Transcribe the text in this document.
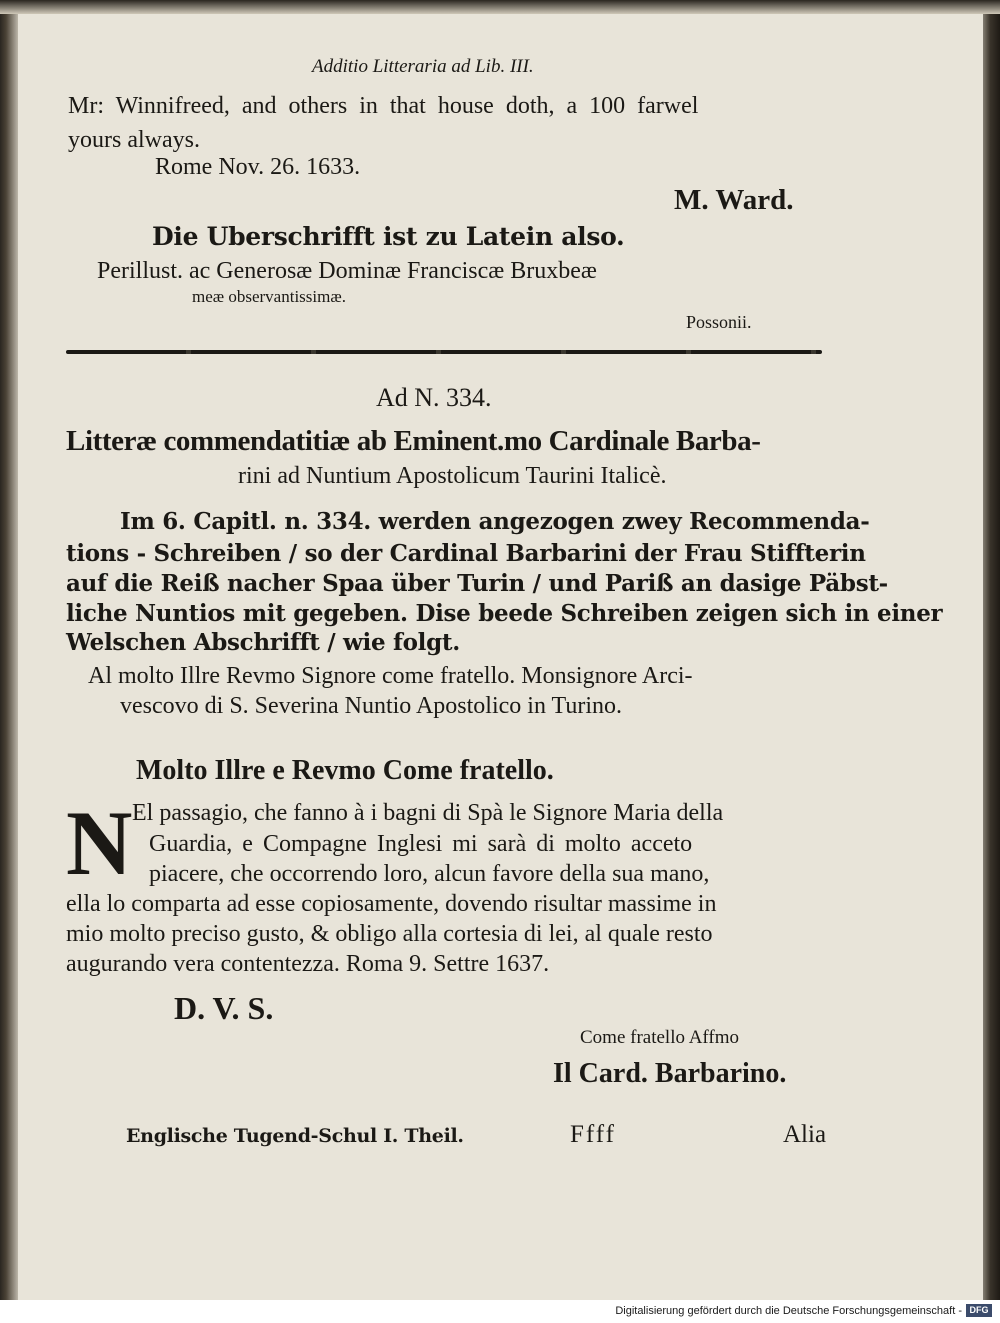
Additio Litteraria ad Lib. III.
Mr: Winnifreed, and others in that house doth, a 100 farwel
yours always.
Rome Nov. 26. 1633.
M. Ward.
Die Uberschrifft ist zu Latein also.
Perillust. ac Generosæ Dominæ Franciscæ Bruxbeæ
meæ observantissimæ.
Possonii.
Ad N. 334.
Litteræ commendatitiæ ab Eminent.mo Cardinale Barba-
rini ad Nuntium Apostolicum Taurini Italicè.
Im 6. Capitl. n. 334. werden angezogen zwey Recommenda-
tions - Schreiben / so der Cardinal Barbarini der Frau Stiffterin
auf die Reiß nacher Spaa über Turin / und Pariß an dasige Päbst-
liche Nuntios mit gegeben. Dise beede Schreiben zeigen sich in einer
Welschen Abschrifft / wie folgt.
Al molto Illre Revmo Signore come fratello. Monsignore Arci-
vescovo di S. Severina Nuntio Apostolico in Turino.
Molto Illre e Revmo Come fratello.
N El passagio, che fanno à i bagni di Spà le Signore Maria della
Guardia, e Compagne Inglesi mi sarà di molto acceto
piacere, che occorrendo loro, alcun favore della sua mano,
ella lo comparta ad esse copiosamente, dovendo risultar massime in
mio molto preciso gusto, & obligo alla cortesia di lei, al quale resto
augurando vera contentezza. Roma 9. Settre 1637.
D. V. S.
Come fratello Affmo
Il Card. Barbarino.
Englische Tugend-Schul I. Theil.	Ffff	Alia
Digitalisierung gefördert durch die Deutsche Forschungsgemeinschaft - DFG
